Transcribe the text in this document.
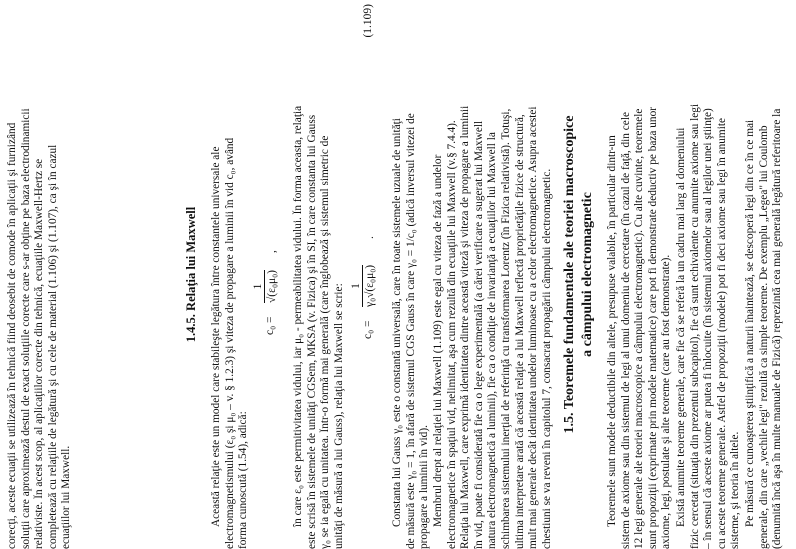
corecţi, aceste ecuaţii se utilizează în tehnică fiind deosebit de comode în aplicaţii şi furnizând soluţii care aproximează destul de exact soluţiile corecte care s-ar obţine pe baza electrodinamicii relativiste. În acest scop, al aplicaţiilor corecte din tehnică, ecuaţiile Maxwell-Hertz se completează cu relaţiile de legătură şi cu cele de material (1.106) şi (1.107), ca şi în cazul ecuaţiilor lui Maxwell.
1.4.5. Relaţia lui Maxwell Această relaţie este un model care stabileşte legătura între constantele universale ale electromagnetismului (ε₀ şi μ₀ – v. § 1.2.3) şi viteza de propagare a luminii în vid c₀, având forma cunoscută (1.54), adică:
c₀ =
1 √(ε₀μ₀)
, în care ε₀ este permitivitatea vidului, iar μ₀ - permeabilitatea vidului. În forma aceasta, relaţia este scrisă în sistemele de unităţi CGSem, MKSA (v. Fizica) şi în SI, în care constanta lui Gauss γ₀ se ia egală cu unitatea. Într-o formă mai generală (care înglobează şi sistemul simetric de unităţi de măsură a lui Gauss), relaţia lui Maxwell se scrie: c₀ =
1 γ₀√(ε₀μ₀)
.
(1.109)
Constanta lui Gauss γ₀ este o constantă universală, care în toate sistemele uzuale de unităţi de măsură este γ₀ = 1, în afară de sistemul CGS Gauss în care γ₀ = 1/c₀ (adică inversul vitezei de propagare a luminii în vid). Membrul drept al relaţiei lui Maxwell (1.109) este egal cu viteza de fază a undelor electromagnetice în spaţiul vid, nelimitat, aşa cum rezultă din ecuaţiile lui Maxwell (v.§ 7.4.4). Relaţia lui Maxwell, care exprimă identitatea dintre această viteză şi viteza de propagare a luminii în vid, poate fi considerată fie ca o lege experimentală (a cărei verificare a sugerat lui Maxwell natura electromagnetică a luminii), fie ca o condiţie de invarianţă a ecuaţiilor lui Maxwell la schimbarea sistemului inerţial de referinţă cu transformarea Lorentz (în Fizica relativistă). Totuşi, ultima interpretare arată că această relaţie a lui Maxwell reflectă proprietăţile fizice de structură, mult mai generale decât identitatea undelor luminoase cu a celor electromagnetice. Asupra acestei chestiuni se va reveni în capitolul 7, consacrat propagării câmpului electromagnetic. 1.5. Teoremele fundamentale ale teoriei macroscopice a câmpului electromagnetic Teoremele sunt modele deductibile din altele, presupuse valabile, în particular dintr-un sistem de axiome sau din sistemul de legi al unui domeniu de cercetare (în cazul de faţă, din cele 12 legi generale ale teoriei macroscopice a câmpului electromagnetic). Cu alte cuvinte, teoremele sunt propoziţii (exprimate prin modele matematice) care pot fi demonstrate deductiv pe baza unor axiome, legi, postulate şi alte teoreme (care au fost demonstrate). Există anumite teoreme generale, care fie că se referă la un cadru mai larg al domeniului fizic cercetat (situaţia din prezentul subcapitol), fie că sunt echivalente cu anumite axiome sau legi – în sensul că aceste axiome ar putea fi înlocuite (în sistemul axiomelor sau al legilor unei ştiinţe) cu aceste teoreme generale. Astfel de propoziţii (modele) pot fi deci axiome sau legi în anumite sisteme, şi teoria în altele. Pe măsură ce cunoaşterea ştiinţifică a naturii înaintează, se descoperă legi din ce în ce mai generale, din care „vechile legi" rezultă ca simple teoreme. De exemplu „Legea" lui Coulomb (denumită încă aşa în multe manuale de Fizică) reprezintă cea mai generală legătură referitoare la
